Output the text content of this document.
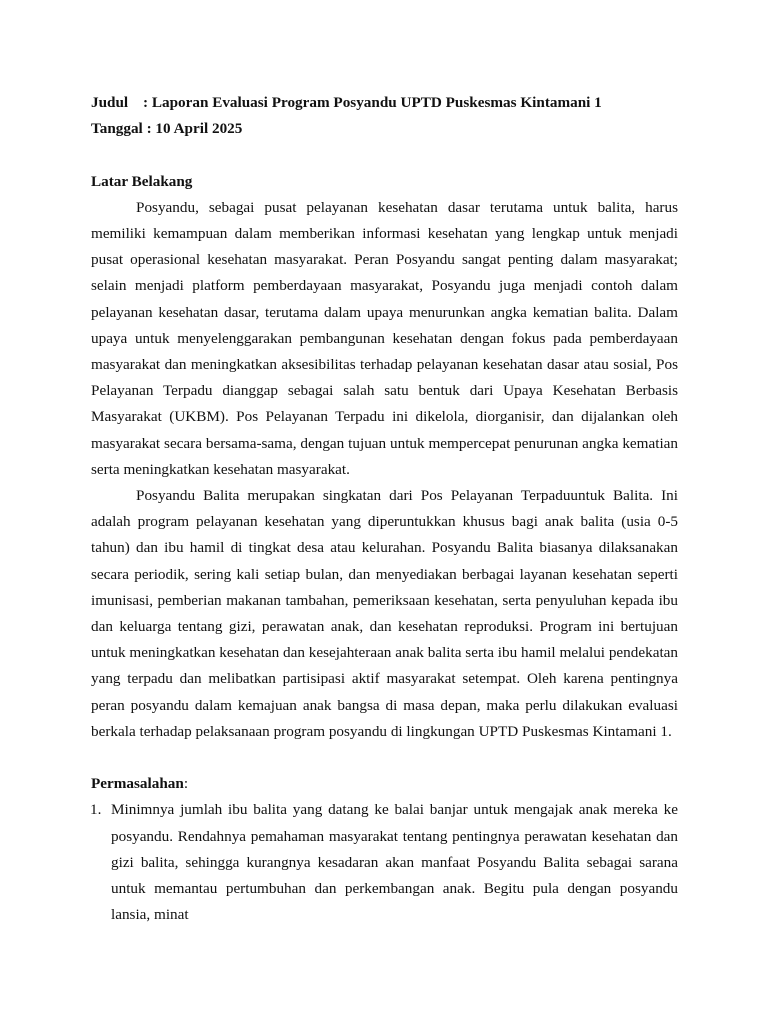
Judul : Laporan Evaluasi Program Posyandu UPTD Puskesmas Kintamani 1
Tanggal : 10 April 2025
Latar Belakang

Posyandu, sebagai pusat pelayanan kesehatan dasar terutama untuk balita, harus memiliki kemampuan dalam memberikan informasi kesehatan yang lengkap untuk menjadi pusat operasional kesehatan masyarakat. Peran Posyandu sangat penting dalam masyarakat; selain menjadi platform pemberdayaan masyarakat, Posyandu juga menjadi contoh dalam pelayanan kesehatan dasar, terutama dalam upaya menurunkan angka kematian balita. Dalam upaya untuk menyelenggarakan pembangunan kesehatan dengan fokus pada pemberdayaan masyarakat dan meningkatkan aksesibilitas terhadap pelayanan kesehatan dasar atau sosial, Pos Pelayanan Terpadu dianggap sebagai salah satu bentuk dari Upaya Kesehatan Berbasis Masyarakat (UKBM). Pos Pelayanan Terpadu ini dikelola, diorganisir, dan dijalankan oleh masyarakat secara bersama-sama, dengan tujuan untuk mempercepat penurunan angka kematian serta meningkatkan kesehatan masyarakat.

Posyandu Balita merupakan singkatan dari Pos Pelayanan Terpaduuntuk Balita. Ini adalah program pelayanan kesehatan yang diperuntukkan khusus bagi anak balita (usia 0-5 tahun) dan ibu hamil di tingkat desa atau kelurahan. Posyandu Balita biasanya dilaksanakan secara periodik, sering kali setiap bulan, dan menyediakan berbagai layanan kesehatan seperti imunisasi, pemberian makanan tambahan, pemeriksaan kesehatan, serta penyuluhan kepada ibu dan keluarga tentang gizi, perawatan anak, dan kesehatan reproduksi. Program ini bertujuan untuk meningkatkan kesehatan dan kesejahteraan anak balita serta ibu hamil melalui pendekatan yang terpadu dan melibatkan partisipasi aktif masyarakat setempat. Oleh karena pentingnya peran posyandu dalam kemajuan anak bangsa di masa depan, maka perlu dilakukan evaluasi berkala terhadap pelaksanaan program posyandu di lingkungan UPTD Puskesmas Kintamani 1.

Permasalahan:
1. Minimnya jumlah ibu balita yang datang ke balai banjar untuk mengajak anak mereka ke posyandu. Rendahnya pemahaman masyarakat tentang pentingnya perawatan kesehatan dan gizi balita, sehingga kurangnya kesadaran akan manfaat Posyandu Balita sebagai sarana untuk memantau pertumbuhan dan perkembangan anak. Begitu pula dengan posyandu lansia, minat
